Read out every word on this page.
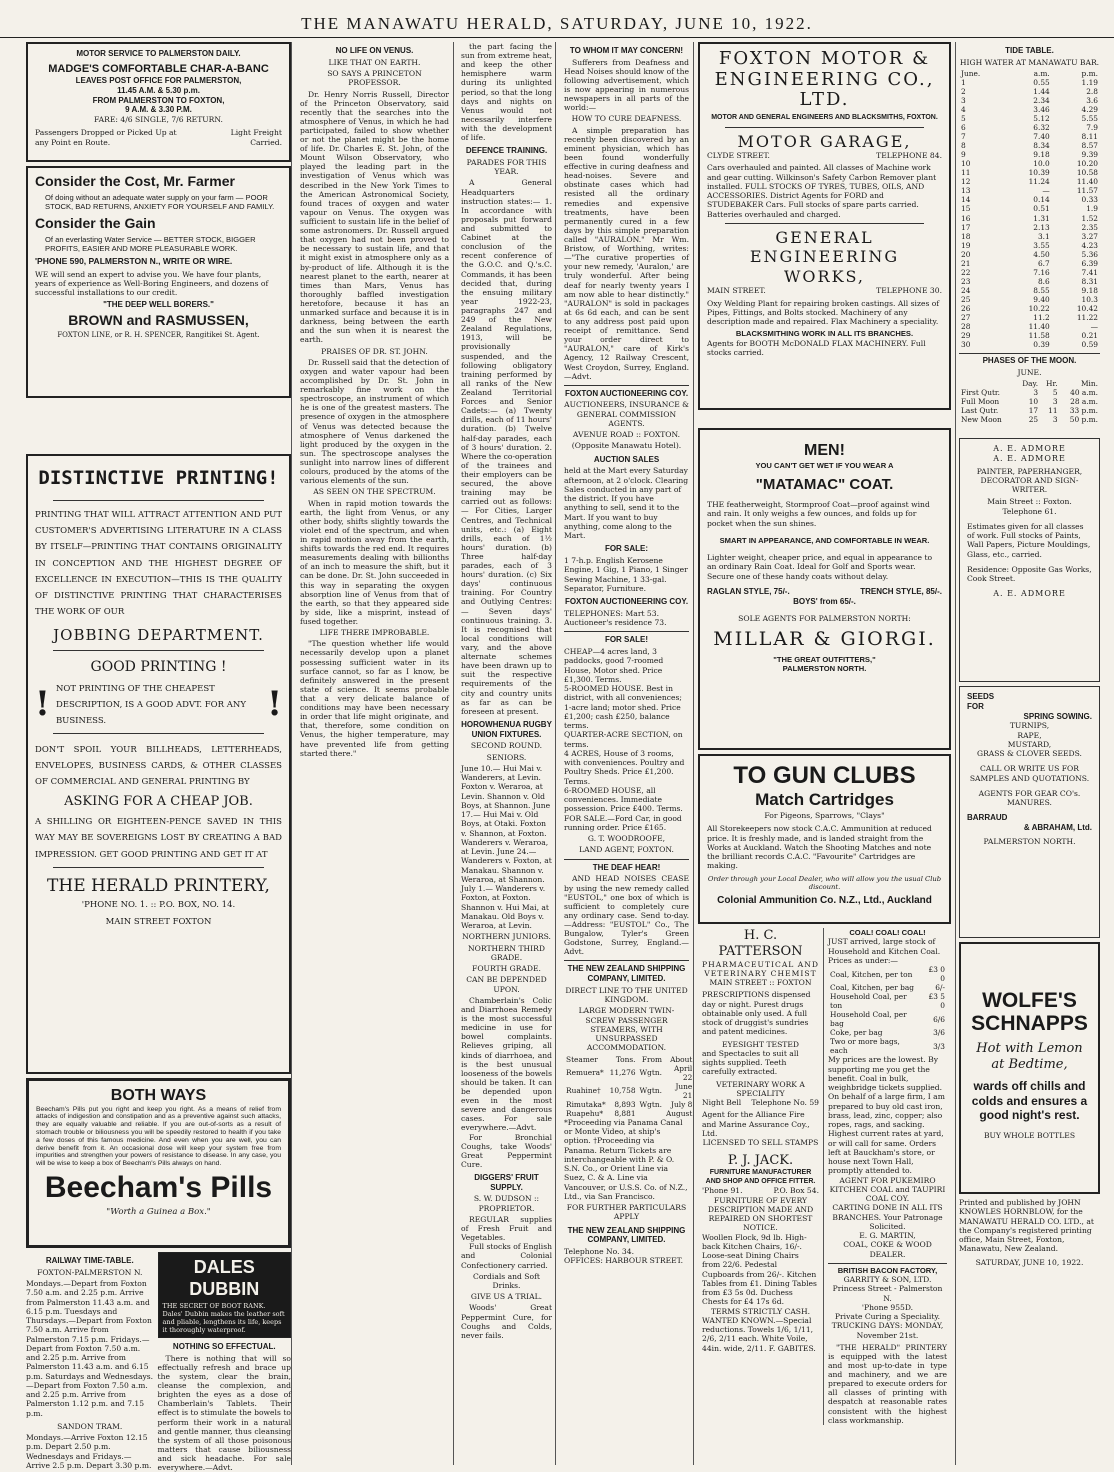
THE MANAWATU HERALD, SATURDAY, JUNE 10, 1922.
MOTOR SERVICE TO PALMERSTON DAILY.
MADGE'S COMFORTABLE CHAR-A-BANC
LEAVES POST OFFICE FOR PALMERSTON,
11.45 A.M. & 5.30 p.m.
FROM PALMERSTON TO FOXTON,
9 A.M. & 3.30 P.M.
FARE: 4/6 SINGLE, 7/6 RETURN.
Passengers Dropped or Picked Up at any Point en Route.
Light Freight Carried.
Consider the Cost, Mr. Farmer
Of doing without an adequate water supply on your farm — POOR STOCK, BAD RETURNS, ANXIETY FOR YOURSELF AND FAMILY.
Consider the Gain
Of an everlasting Water Service — BETTER STOCK, BIGGER PROFITS, EASIER AND MORE PLEASURABLE WORK.
'PHONE 590, PALMERSTON N., WRITE OR WIRE.
WE will send an expert to advise you. We have four plants, years of experience as Well-Boring Engineers, and dozens of successful installations to our credit.
"THE DEEP WELL BORERS."
BROWN and RASMUSSEN,
FOXTON LINE, or R. H. SPENCER, Rangitikei St. Agent.
DISTINCTIVE PRINTING!
PRINTING THAT WILL ATTRACT ATTENTION AND PUT CUSTOMER'S ADVERTISING LITERATURE IN A CLASS BY ITSELF—PRINTING THAT CONTAINS ORIGINALITY IN CONCEPTION AND THE HIGHEST DEGREE OF EXCELLENCE IN EXECUTION—THIS IS THE QUALITY OF DISTINCTIVE PRINTING THAT CHARACTERISES THE WORK OF OUR
JOBBING DEPARTMENT.
GOOD PRINTING !
! NOT PRINTING OF THE CHEAPEST DESCRIPTION, IS A GOOD ADVT. FOR ANY BUSINESS.	!
DON'T SPOIL YOUR BILLHEADS, LETTERHEADS, ENVELOPES, BUSINESS CARDS, & OTHER CLASSES OF COMMERCIAL AND GENERAL PRINTING BY
ASKING FOR A CHEAP JOB.
A SHILLING OR EIGHTEEN-PENCE SAVED IN THIS WAY MAY BE SOVEREIGNS LOST BY CREATING A BAD IMPRESSION. GET GOOD PRINTING AND GET IT AT
THE HERALD PRINTERY,
'PHONE NO. 1. :: P.O. BOX, NO. 14.
MAIN STREET FOXTON
BOTH WAYS
Beecham's Pills put you right and keep you right. As a means of relief from attacks of indigestion and constipation and as a preventive against such attacks, they are equally valuable and reliable. If you are out-of-sorts as a result of stomach trouble or biliousness you will be speedily restored to health if you take a few doses of this famous medicine. And even when you are well, you can derive benefit from it. An occasional dose will keep your system free from impurities and strengthen your powers of resistance to disease. In any case, you will be wise to keep a box of Beecham's Pills always on hand.
Beecham's Pills
"Worth a Guinea a Box."
RAILWAY TIME-TABLE.
FOXTON-PALMERSTON N.
Mondays.—Depart from Foxton 7.50 a.m. and 2.25 p.m. Arrive from Palmerston 11.43 a.m. and 6.15 p.m. Tuesdays and Thursdays.—Depart from Foxton 7.50 a.m. Arrive from Palmerston 7.15 p.m. Fridays.—Depart from Foxton 7.50 a.m. and 2.25 p.m. Arrive from Palmerston 11.43 a.m. and 6.15 p.m. Saturdays and Wednesdays.—Depart from Foxton 7.50 a.m. and 2.25 p.m. Arrive from Palmerston 1.12 p.m. and 7.15 p.m.
SANDON TRAM.
Mondays.—Arrive Foxton 12.15 p.m. Depart 2.50 p.m. Wednesdays and Fridays.—Arrive 2.5 p.m. Depart 3.30 p.m.
DALES DUBBIN
THE SECRET OF BOOT RANK. Dales' Dubbin makes the leather soft and pliable, lengthens its life, keeps it thoroughly waterproof.
NOTHING SO EFFECTUAL.
There is nothing that will so effectually refresh and brace up the system, clear the brain, cleanse the complexion, and brighten the eyes as a dose of Chamberlain's Tablets. Their effect is to stimulate the bowels to perform their work in a natural and gentle manner, thus cleansing the system of all those poisonous matters that cause biliousness and sick headache. For sale everywhere.—Advt.
NO LIFE ON VENUS.
LIKE THAT ON EARTH.
SO SAYS A PRINCETON PROFESSOR.
Dr. Henry Norris Russell, Director of the Princeton Observatory, said recently that the searches into the atmosphere of Venus, in which he had participated, failed to show whether or not the planet might be the home of life. Dr. Charles E. St. John, of the Mount Wilson Observatory, who played the leading part in the investigation of Venus which was described in the New York Times to the American Astronomical Society, found traces of oxygen and water vapour on Venus. The oxygen was sufficient to sustain life in the belief of some astronomers. Dr. Russell argued that oxygen had not been proved to be necessary to sustain life, and that it might exist in atmosphere only as a by-product of life. Although it is the nearest planet to the earth, nearer at times than Mars, Venus has thoroughly baffled investigation heretofore, because it has an unmarked surface and because it is in darkness, being between the earth and the sun when it is nearest the earth.
PRAISES OF DR. ST. JOHN.
Dr. Russell said that the detection of oxygen and water vapour had been accomplished by Dr. St. John in remarkably fine work on the spectroscope, an instrument of which he is one of the greatest masters. The presence of oxygen in the atmosphere of Venus was detected because the atmosphere of Venus darkened the light produced by the oxygen in the sun. The spectroscope analyses the sunlight into narrow lines of different colours, produced by the atoms of the various elements of the sun.
AS SEEN ON THE SPECTRUM.
When in rapid motion towards the earth, the light from Venus, or any other body, shifts slightly towards the violet end of the spectrum, and when in rapid motion away from the earth, shifts towards the red end. It requires measurements dealing with billionths of an inch to measure the shift, but it can be done. Dr. St. John succeeded in this way in separating the oxygen absorption line of Venus from that of the earth, so that they appeared side by side, like a misprint, instead of fused together.
LIFE THERE IMPROBABLE.
"The question whether life would necessarily develop upon a planet possessing sufficient water in its surface cannot, so far as I know, be definitely answered in the present state of science. It seems probable that a very delicate balance of conditions may have been necessary in order that life might originate, and that, therefore, some condition on Venus, the higher temperature, may have prevented life from getting started there."
the part facing the sun from extreme heat, and keep the other hemisphere warm during its unlighted period, so that the long days and nights on Venus would not necessarily interfere with the development of life.
DEFENCE TRAINING.
PARADES FOR THIS YEAR.
A General Headquarters instruction states:— 1. In accordance with proposals put forward and submitted to Cabinet at the conclusion of the recent conference of the G.O.C. and Q.'s.C. Commands, it has been decided that, during the ensuing military year 1922-23, paragraphs 247 and 249 of the New Zealand Regulations, 1913, will be provisionally suspended, and the following obligatory training performed by all ranks of the New Zealand Territorial Forces and Senior Cadets:— (a) Twenty drills, each of 11 hours' duration. (b) Twelve half-day parades, each of 3 hours' duration. 2. Where the co-operation of the trainees and their employers can be secured, the above training may be carried out as follows:— For Cities, Larger Centres, and Technical units, etc.: (a) Eight drills, each of 1½ hours' duration. (b) Three half-day parades, each of 3 hours' duration. (c) Six days' continuous training. For Country and Outlying Centres:— Seven days' continuous training. 3. It is recognised that local conditions will vary, and the above alternate schemes have been drawn up to suit the respective requirements of the city and country units as far as can be foreseen at present.
HOROWHENUA RUGBY UNION FIXTURES.
SECOND ROUND.
SENIORS.
June 10.— Hui Mai v. Wanderers, at Levin. Foxton v. Weraroa, at Levin. Shannon v. Old Boys, at Shannon. June 17.— Hui Mai v. Old Boys, at Otaki. Foxton v. Shannon, at Foxton. Wanderers v. Weraroa, at Levin. June 24.— Wanderers v. Foxton, at Manakau. Shannon v. Weraroa, at Shannon. July 1.— Wanderers v. Foxton, at Foxton. Shannon v. Hui Mai, at Manakau. Old Boys v. Weraroa, at Levin.
NORTHERN JUNIORS.
NORTHERN THIRD GRADE.
FOURTH GRADE.
CAN BE DEPENDED UPON.
Chamberlain's Colic and Diarrhoea Remedy is the most successful medicine in use for bowel complaints. Relieves griping, all kinds of diarrhoea, and is the best unusual looseness of the bowels should be taken. It can be depended upon even in the most severe and dangerous cases. For sale everywhere.—Advt.
For Bronchial Coughs, take Woods' Great Peppermint Cure.
DIGGERS' FRUIT SUPPLY.
S. W. DUDSON :: PROPRIETOR.
REGULAR supplies of Fresh Fruit and Vegetables.
Full stocks of English and Colonial Confectionery carried.
Cordials and Soft Drinks.
GIVE US A TRIAL.
Woods' Great Peppermint Cure, for Coughs and Colds, never fails.
TO WHOM IT MAY CONCERN!
Sufferers from Deafness and Head Noises should know of the following advertisement, which is now appearing in numerous newspapers in all parts of the world:—
HOW TO CURE DEAFNESS.
A simple preparation has recently been discovered by an eminent physician, which has been found wonderfully effective in curing deafness and head-noises. Severe and obstinate cases which had resisted all the ordinary remedies and expensive treatments, have been permanently cured in a few days by this simple preparation called "AURALON." Mr Wm. Bristow, of Worthing, writes:—"The curative properties of your new remedy, 'Auralon,' are truly wonderful. After being deaf for nearly twenty years I am now able to hear distinctly." "AURALON" is sold in packages at 6s 6d each, and can be sent to any address post paid upon receipt of remittance. Send your order direct to "AURALON," care of Kirk's Agency, 12 Railway Crescent, West Croydon, Surrey, England.—Advt.
FOXTON AUCTIONEERING COY.
AUCTIONEERS, INSURANCE & GENERAL COMMISSION AGENTS.
AVENUE ROAD :: FOXTON.
(Opposite Manawatu Hotel).
AUCTION SALES
held at the Mart every Saturday afternoon, at 2 o'clock. Clearing Sales conducted in any part of the district. If you have anything to sell, send it to the Mart. If you want to buy anything, come along to the Mart.
FOR SALE:
1 7-h.p. English Kerosene Engine, 1 Gig, 1 Piano, 1 Singer Sewing Machine, 1 33-gal. Separator, Furniture.
FOXTON AUCTIONEERING COY.
TELEPHONES: Mart 53. Auctioneer's residence 73.
FOR SALE!
CHEAP—4 acres land, 3 paddocks, good 7-roomed House, Motor shed. Price £1,300. Terms.
5-ROOMED HOUSE. Best in district, with all conveniences; 1-acre land; motor shed. Price £1,200; cash £250, balance terms.
QUARTER-ACRE SECTION, on terms.
4 ACRES, House of 3 rooms, with conveniences. Poultry and Poultry Sheds. Price £1,200. Terms.
6-ROOMED HOUSE, all conveniences. Immediate possession. Price £400. Terms.
FOR SALE.—Ford Car, in good running order. Price £165.
G. T. WOODROOFE,
LAND AGENT, FOXTON.
THE DEAF HEAR!
AND HEAD NOISES CEASE by using the new remedy called "EUSTOL," one box of which is sufficient to completely cure any ordinary case. Send to-day.—Address: "EUSTOL" Co., The Bungalow, Tyler's Green Godstone, Surrey, England.—Advt.
THE NEW ZEALAND SHIPPING COMPANY, LIMITED.
DIRECT LINE TO THE UNITED KINGDOM.
LARGE MODERN TWIN-SCREW PASSENGER STEAMERS, WITH UNSURPASSED ACCOMMODATION.
Steamer	Tons.	From	About
Remuera*	11,276	Wgtn.	April 22
Ruahine†	10,758	Wgtn.	June 21
Rimutaka*	8,893	Wgtn.	July 8
Ruapehu*	8,881		August
*Proceeding via Panama Canal or Monte Video, at ship's option. †Proceeding via Panama. Return Tickets are interchangeable with P. & O. S.N. Co., or Orient Line via Suez, C. & A. Line via Vancouver, or U.S.S. Co. of N.Z., Ltd., via San Francisco.
FOR FURTHER PARTICULARS APPLY
THE NEW ZEALAND SHIPPING COMPANY, LIMITED.
Telephone No. 34.
OFFICES: HARBOUR STREET.
FOXTON MOTOR & ENGINEERING CO., LTD.
MOTOR AND GENERAL ENGINEERS AND BLACKSMITHS, FOXTON.
MOTOR GARAGE,
CLYDE STREET.	TELEPHONE 84.
Cars overhauled and painted. All classes of Machine work and gear cutting. Wilkinson's Safety Carbon Remover plant installed. FULL STOCKS OF TYRES, TUBES, OILS, AND ACCESSORIES. District Agents for FORD and STUDEBAKER Cars. Full stocks of spare parts carried. Batteries overhauled and charged.
GENERAL ENGINEERING WORKS,
MAIN STREET.	TELEPHONE 30.
Oxy Welding Plant for repairing broken castings. All sizes of Pipes, Fittings, and Bolts stocked. Machinery of any description made and repaired. Flax Machinery a speciality.
BLACKSMITHING WORK IN ALL ITS BRANCHES.
Agents for BOOTH McDONALD FLAX MACHINERY. Full stocks carried.
MEN!
YOU CAN'T GET WET IF YOU WEAR A
"MATAMAC" COAT.
THE featherweight, Stormproof Coat—proof against wind and rain. It only weighs a few ounces, and folds up for pocket when the sun shines.
SMART IN APPEARANCE, AND COMFORTABLE IN WEAR.
Lighter weight, cheaper price, and equal in appearance to an ordinary Rain Coat. Ideal for Golf and Sports wear. Secure one of these handy coats without delay.
RAGLAN STYLE, 75/-.	TRENCH STYLE, 85/-.
BOYS' from 65/-.
SOLE AGENTS FOR PALMERSTON NORTH:
MILLAR & GIORGI.
"THE GREAT OUTFITTERS,"
PALMERSTON NORTH.
TO GUN CLUBS
Match Cartridges
For Pigeons, Sparrows, "Clays"
All Storekeepers now stock C.A.C. Ammunition at reduced price. It is freshly made, and is landed straight from the Works at Auckland. Watch the Shooting Matches and note the brilliant records C.A.C. "Favourite" Cartridges are making.
Order through your Local Dealer, who will allow you the usual Club discount.
Colonial Ammunition Co. N.Z., Ltd., Auckland
H. C. PATTERSON
PHARMACEUTICAL AND VETERINARY CHEMIST
MAIN STREET :: FOXTON
PRESCRIPTIONS dispensed day or night. Purest drugs obtainable only used. A full stock of druggist's sundries and patent medicines.
EYESIGHT TESTED
and Spectacles to suit all sights supplied. Teeth carefully extracted.
VETERINARY WORK A SPECIALITY
Night Bell Telephone No. 59
Agent for the Alliance Fire and Marine Assurance Coy., Ltd.
LICENSED TO SELL STAMPS
P. J. JACK.
FURNITURE MANUFACTURER AND SHOP AND OFFICE FITTER.
'Phone 91.	P.O. Box 54.
FURNITURE OF EVERY DESCRIPTION MADE AND REPAIRED ON SHORTEST NOTICE.
Woollen Flock, 9d lb. High-back Kitchen Chairs, 16/-. Loose-seat Dining Chairs from 22/6. Pedestal Cupboards from 26/-. Kitchen Tables from £1. Dining Tables from £3 5s 0d. Duchess Chests for £4 17s 6d.
TERMS STRICTLY CASH.
WANTED KNOWN.—Special reductions. Towels 1/6, 1/11, 2/6, 2/11 each. White Voile, 44in. wide, 2/11. F. GABITES.
COAL! COAL! COAL!
JUST arrived, large stock of Household and Kitchen Coal. Prices as under:—
Coal, Kitchen, per ton	£3 0 0
Coal, Kitchen, per bag	6/-
Household Coal, per ton	£3 5 0
Household Coal, per bag	6/6
Coke, per bag	3/6
Two or more bags, each	3/3
My prices are the lowest. By supporting me you get the benefit. Coal in bulk, weighbridge tickets supplied. On behalf of a large firm, I am prepared to buy old cast iron, brass, lead, zinc, copper; also ropes, rags, and sacking. Highest current rates at yard, or will call for same. Orders left at Bauckham's store, or house next Town Hall, promptly attended to.
AGENT FOR PUKEMIRO KITCHEN COAL and TAUPIRI COAL COY.
CARTING DONE IN ALL ITS BRANCHES. Your Patronage Solicited.
E. G. MARTIN,
COAL, COKE & WOOD DEALER.
BRITISH BACON FACTORY,
GARRITY & SON, LTD.
Princess Street - Palmerston N.
'Phone 955D.
Private Curing a Speciality.
TRUCKING DAYS: MONDAY, November 21st.
"THE HERALD" PRINTERY is equipped with the latest and most up-to-date in type and machinery, and we are prepared to execute orders for all classes of printing with despatch at reasonable rates consistent with the highest class workmanship.
TIDE TABLE.
HIGH WATER AT MANAWATU BAR.
June.	a.m.	p.m.
1	0.55	1.19
2	1.44	2.8
3	2.34	3.6
4	3.46	4.29
5	5.12	5.55
6	6.32	7.9
7	7.40	8.11
8	8.34	8.57
9	9.18	9.39
10	10.0	10.20
11	10.39	10.58
12	11.24	11.40
13	—	11.57
14	0.14	0.33
15	0.51	1.9
16	1.31	1.52
17	2.13	2.35
18	3.1	3.27
19	3.55	4.23
20	4.50	5.36
21	6.7	6.39
22	7.16	7.41
23	8.6	8.31
24	8.55	9.18
25	9.40	10.3
26	10.22	10.42
27	11.2	11.22
28	11.40	—
29	11.58	0.21
30	0.39	0.59
PHASES OF THE MOON.
JUNE.
	Day.	Hr.	Min.
First Qutr.	3	5	40 a.m.
Full Moon	10	3	28 a.m.
Last Qutr.	17	11	33 p.m.
New Moon	25	3	50 p.m.
A. E. ADMORE
A. E. ADMORE
PAINTER, PAPERHANGER, DECORATOR AND SIGN-WRITER.
Main Street :: Foxton.
Telephone 61.
Estimates given for all classes of work. Full stocks of Paints, Wall Papers, Picture Mouldings, Glass, etc., carried.
Residence: Opposite Gas Works, Cook Street.
A. E. ADMORE
SEEDS
FOR
SPRING SOWING.
TURNIPS,
RAPE,
MUSTARD,
GRASS & CLOVER SEEDS.
CALL OR WRITE US FOR SAMPLES AND QUOTATIONS.
AGENTS FOR GEAR CO's. MANURES.
BARRAUD
& ABRAHAM, Ltd.
PALMERSTON NORTH.
WOLFE'S SCHNAPPS
Hot with Lemon at Bedtime,
wards off chills and colds and ensures a good night's rest.
BUY WHOLE BOTTLES
Printed and published by JOHN KNOWLES HORNBLOW, for the MANAWATU HERALD CO. LTD., at the Company's registered printing office, Main Street, Foxton, Manawatu, New Zealand.
SATURDAY, JUNE 10, 1922.
